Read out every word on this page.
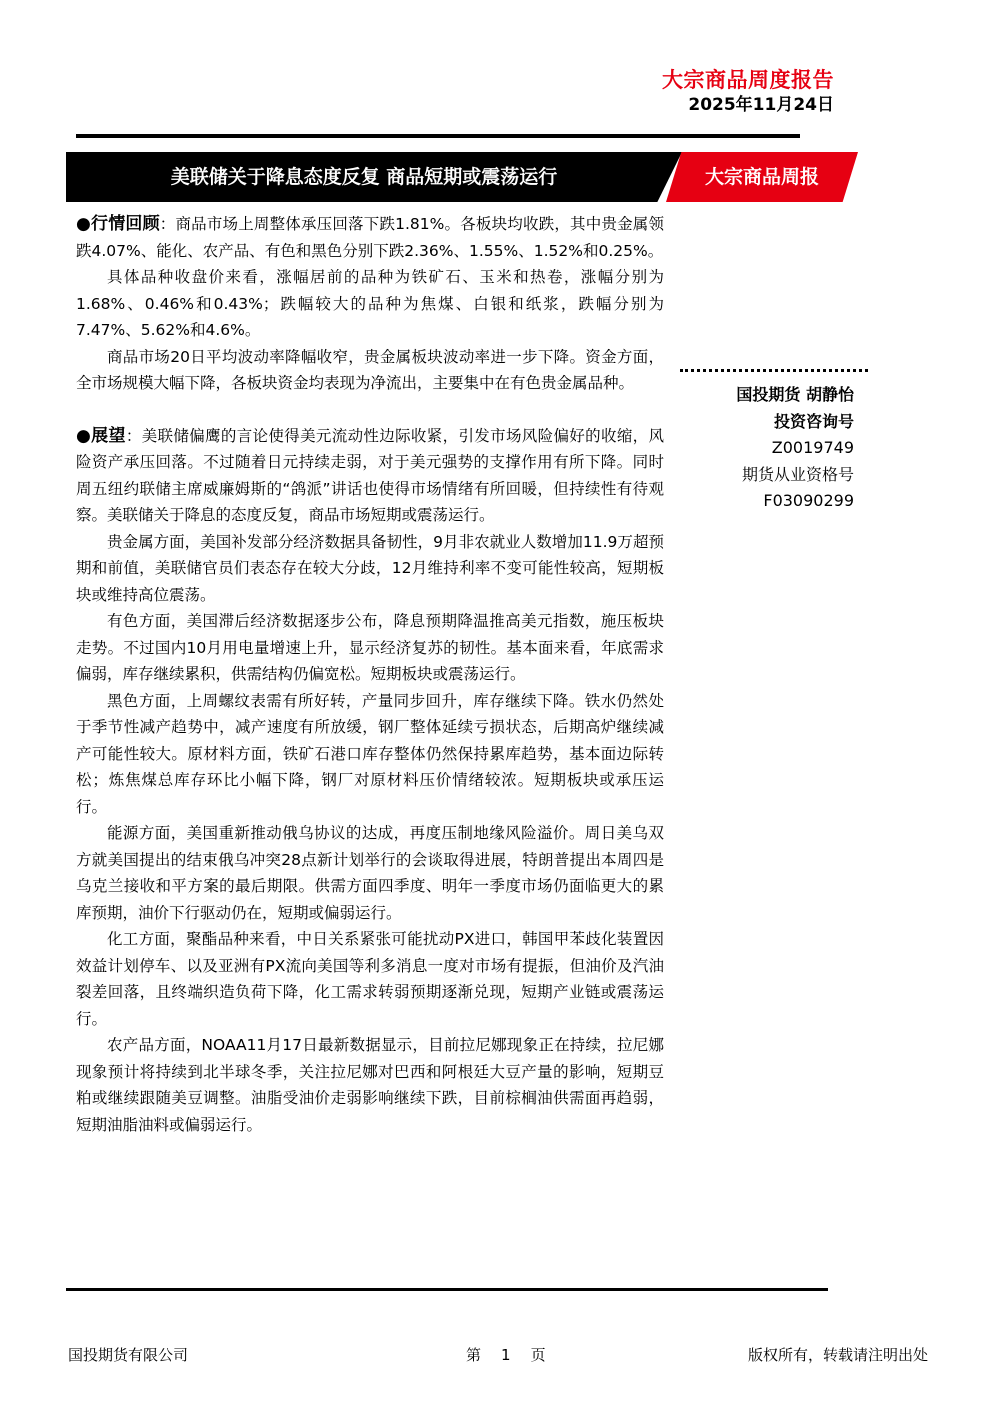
大宗商品周度报告
2025年11月24日
美联储关于降息态度反复 商品短期或震荡运行	大宗商品周报

●行情回顾：商品市场上周整体承压回落下跌1.81%。各板块均收跌，其中贵金属领跌4.07%、能化、农产品、有色和黑色分别下跌2.36%、1.55%、1.52%和0.25%。

具体品种收盘价来看，涨幅居前的品种为铁矿石、玉米和热卷，涨幅分别为1.68%、0.46%和0.43%；跌幅较大的品种为焦煤、白银和纸浆，跌幅分别为7.47%、5.62%和4.6%。

商品市场20日平均波动率降幅收窄，贵金属板块波动率进一步下降。资金方面，全市场规模大幅下降，各板块资金均表现为净流出，主要集中在有色贵金属品种。

●展望：美联储偏鹰的言论使得美元流动性边际收紧，引发市场风险偏好的收缩，风险资产承压回落。不过随着日元持续走弱，对于美元强势的支撑作用有所下降。同时周五纽约联储主席威廉姆斯的“鸽派”讲话也使得市场情绪有所回暖，但持续性有待观察。美联储关于降息的态度反复，商品市场短期或震荡运行。

贵金属方面，美国补发部分经济数据具备韧性，9月非农就业人数增加11.9万超预期和前值，美联储官员们表态存在较大分歧，12月维持利率不变可能性较高，短期板块或维持高位震荡。

有色方面，美国滞后经济数据逐步公布，降息预期降温推高美元指数，施压板块走势。不过国内10月用电量增速上升，显示经济复苏的韧性。基本面来看，年底需求偏弱，库存继续累积，供需结构仍偏宽松。短期板块或震荡运行。

黑色方面，上周螺纹表需有所好转，产量同步回升，库存继续下降。铁水仍然处于季节性减产趋势中，减产速度有所放缓，钢厂整体延续亏损状态，后期高炉继续减产可能性较大。原材料方面，铁矿石港口库存整体仍然保持累库趋势，基本面边际转松；炼焦煤总库存环比小幅下降，钢厂对原材料压价情绪较浓。短期板块或承压运行。

能源方面，美国重新推动俄乌协议的达成，再度压制地缘风险溢价。周日美乌双方就美国提出的结束俄乌冲突28点新计划举行的会谈取得进展，特朗普提出本周四是乌克兰接收和平方案的最后期限。供需方面四季度、明年一季度市场仍面临更大的累库预期，油价下行驱动仍在，短期或偏弱运行。

化工方面，聚酯品种来看，中日关系紧张可能扰动PX进口，韩国甲苯歧化装置因效益计划停车、以及亚洲有PX流向美国等利多消息一度对市场有提振，但油价及汽油裂差回落，且终端织造负荷下降，化工需求转弱预期逐渐兑现，短期产业链或震荡运行。

农产品方面，NOAA11月17日最新数据显示，目前拉尼娜现象正在持续，拉尼娜现象预计将持续到北半球冬季，关注拉尼娜对巴西和阿根廷大豆产量的影响，短期豆粕或继续跟随美豆调整。油脂受油价走弱影响继续下跌，目前棕榈油供需面再趋弱，短期油脂油料或偏弱运行。

国投期货 胡静怡
投资咨询号
Z0019749
期货从业资格号
F03090299
国投期货有限公司	第 1 页	版权所有，转载请注明出处
